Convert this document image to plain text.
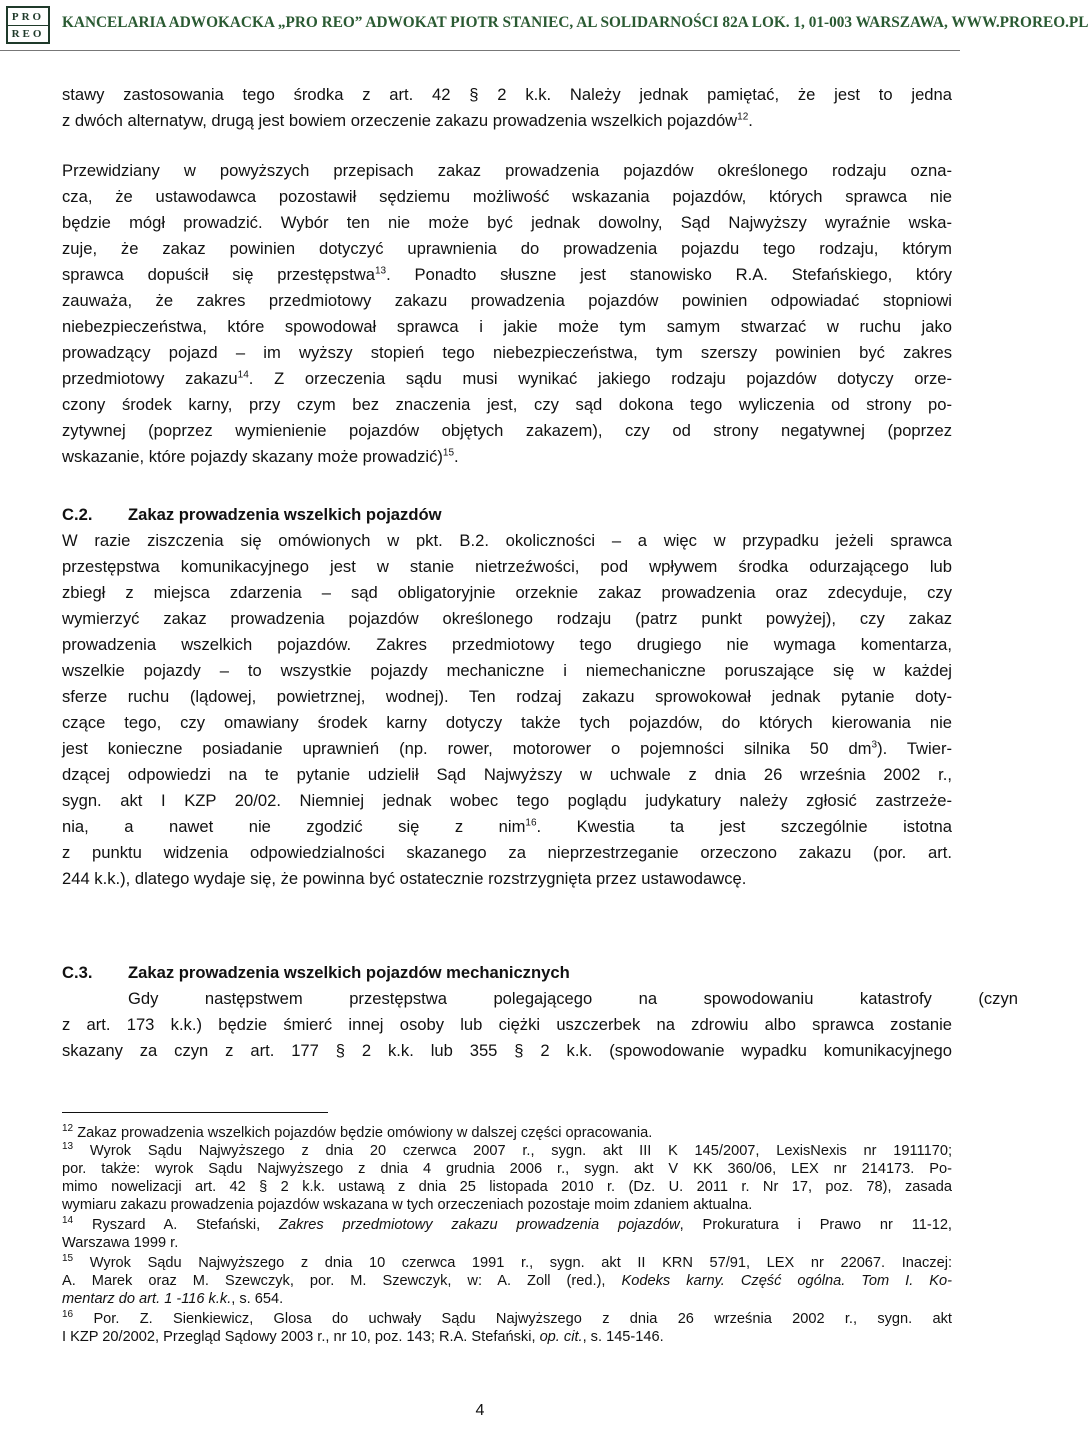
PRO
REO
KANCELARIA ADWOKACKA „PRO REO” ADWOKAT PIOTR STANIEC, AL SOLIDARNOŚCI 82A LOK. 1, 01-003 WARSZAWA, WWW.PROREO.PL
stawy zastosowania tego środka z art. 42 § 2 k.k. Należy jednak pamiętać, że jest to jedna
z dwóch alternatyw, drugą jest bowiem orzeczenie zakazu prowadzenia wszelkich pojazdów$^{12}$.
Przewidziany w powyższych przepisach zakaz prowadzenia pojazdów określonego rodzaju ozna-
cza, że ustawodawca pozostawił sędziemu możliwość wskazania pojazdów, których sprawca nie
będzie mógł prowadzić. Wybór ten nie może być jednak dowolny, Sąd Najwyższy wyraźnie wska-
zuje, że zakaz powinien dotyczyć uprawnienia do prowadzenia pojazdu tego rodzaju, którym
sprawca dopuścił się przestępstwa$^{13}$. Ponadto słuszne jest stanowisko R.A. Stefańskiego, który
zauważa, że zakres przedmiotowy zakazu prowadzenia pojazdów powinien odpowiadać stopniowi
niebezpieczeństwa, które spowodował sprawca i jakie może tym samym stwarzać w ruchu jako
prowadzący pojazd – im wyższy stopień tego niebezpieczeństwa, tym szerszy powinien być zakres
przedmiotowy zakazu$^{14}$. Z orzeczenia sądu musi wynikać jakiego rodzaju pojazdów dotyczy orze-
czony środek karny, przy czym bez znaczenia jest, czy sąd dokona tego wyliczenia od strony po-
zytywnej (poprzez wymienienie pojazdów objętych zakazem), czy od strony negatywnej (poprzez
wskazanie, które pojazdy skazany może prowadzić)$^{15}$.
C.2. Zakaz prowadzenia wszelkich pojazdów
W razie ziszczenia się omówionych w pkt. B.2. okoliczności – a więc w przypadku jeżeli sprawca
przestępstwa komunikacyjnego jest w stanie nietrzeźwości, pod wpływem środka odurzającego lub
zbiegł z miejsca zdarzenia – sąd obligatoryjnie orzeknie zakaz prowadzenia oraz zdecyduje, czy
wymierzyć zakaz prowadzenia pojazdów określonego rodzaju (patrz punkt powyżej), czy zakaz
prowadzenia wszelkich pojazdów. Zakres przedmiotowy tego drugiego nie wymaga komentarza,
wszelkie pojazdy – to wszystkie pojazdy mechaniczne i niemechaniczne poruszające się w każdej
sferze ruchu (lądowej, powietrznej, wodnej). Ten rodzaj zakazu sprowokował jednak pytanie doty-
czące tego, czy omawiany środek karny dotyczy także tych pojazdów, do których kierowania nie
jest konieczne posiadanie uprawnień (np. rower, motorower o pojemności silnika 50 $dm^3$). Twier-
dzącej odpowiedzi na te pytanie udzielił Sąd Najwyższy w uchwale z dnia 26 września 2002 r.,
sygn. akt I KZP 20/02. Niemniej jednak wobec tego poglądu judykatury należy zgłosić zastrzeże-
nia, a nawet nie zgodzić się z nim$^{16}$. Kwestia ta jest szczególnie istotna
z punktu widzenia odpowiedzialności skazanego za nieprzestrzeganie orzeczono zakazu (por. art.
244 k.k.), dlatego wydaje się, że powinna być ostatecznie rozstrzygnięta przez ustawodawcę.
C.3. Zakaz prowadzenia wszelkich pojazdów mechanicznych
Gdy następstwem przestępstwa polegającego na spowodowaniu katastrofy (czyn
z art. 173 k.k.) będzie śmierć innej osoby lub ciężki uszczerbek na zdrowiu albo sprawca zostanie
skazany za czyn z art. 177 § 2 k.k. lub 355 § 2 k.k. (spowodowanie wypadku komunikacyjnego
$^{12}$ Zakaz prowadzenia wszelkich pojazdów będzie omówiony w dalszej części opracowania.
$^{13}$ Wyrok Sądu Najwyższego z dnia 20 czerwca 2007 r., sygn. akt III K 145/2007, LexisNexis nr 1911170;
por. także: wyrok Sądu Najwyższego z dnia 4 grudnia 2006 r., sygn. akt V KK 360/06, LEX nr 214173. Po-
mimo nowelizacji art. 42 § 2 k.k. ustawą z dnia 25 listopada 2010 r. (Dz. U. 2011 r. Nr 17, poz. 78), zasada
wymiaru zakazu prowadzenia pojazdów wskazana w tych orzeczeniach pozostaje moim zdaniem aktualna.
$^{14}$ Ryszard A. Stefański, Zakres przedmiotowy zakazu prowadzenia pojazdów, Prokuratura i Prawo nr 11-12,
Warszawa 1999 r.
$^{15}$ Wyrok Sądu Najwyższego z dnia 10 czerwca 1991 r., sygn. akt II KRN 57/91, LEX nr 22067. Inaczej:
A. Marek oraz M. Szewczyk, por. M. Szewczyk, w: A. Zoll (red.), Kodeks karny. Część ogólna. Tom I. Ko-
mentarz do art. 1 -116 k.k., s. 654.
$^{16}$ Por. Z. Sienkiewicz, Glosa do uchwały Sądu Najwyższego z dnia 26 września 2002 r., sygn. akt
I KZP 20/2002, Przegląd Sądowy 2003 r., nr 10, poz. 143; R.A. Stefański, op. cit., s. 145-146.
4
